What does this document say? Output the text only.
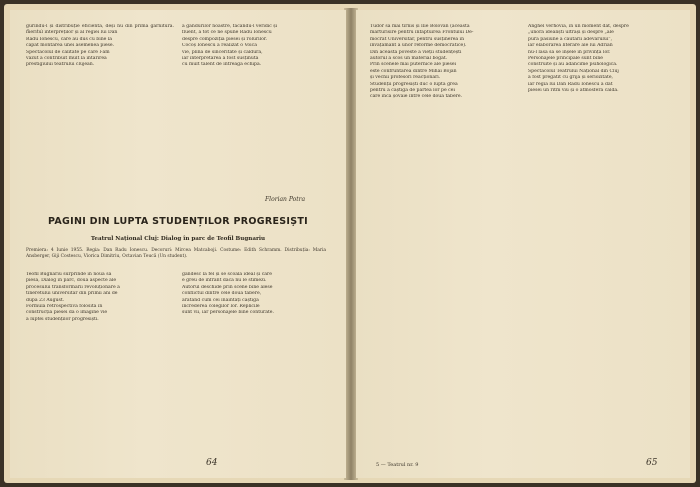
gurindu-l și distribuție eficientă, deși nu din prima garnitură.
meritul interpreților și al regiei lui Dan
Radu Ionescu, care au dus cu bine la
capăt montarea unei asemenea piese.
Spectacolul de calitate pe care l-am
văzut a contribuit mult la întărirea
prestigiului teatrului clujean.
a gândurilor noastre, făcându-l veridic și
fluent, a tot ce ne spune Radu Ionescu
despre compoziția piesei și rolurilor.
Cocoș Ionescu a realizat o Voică
vie, plină de sinceritate și căldură,
iar interpretarea a fost susținută
cu mult talent de întreaga echipă.
Florian Potra
PAGINI DIN LUPTA STUDENȚILOR PROGRESIȘTI
Teatrul Național Cluj: Dialog în parc de Teofil Bugnariu
Premiera: 4 Iunie 1955. Regia: Dan Radu Ionescu. Decoruri: Mircea Matcaboji. Costume: Edith Schramm. Distribuția: Maria Ansberger, Giji Costescu, Viorica Dimitriu, Octavian Teucă (Un student).
Teofil Bugnariu surprinde în noua sa
piesă, Dialog în parc, două aspecte ale
procesului transformării revoluționare a
tineretului universitar din primii ani de
după 23 August.
Formula retrospectivă folosită în
construcția piesei dă o imagine vie
a luptei studenților progresiști.
gândesc la fel și se scoală ideal și care
e greu de înfrânt dacă nu le stimezi.
Autorul deschide prin scene bine alese
conflictul dintre cele două tabere,
arătând cum cei înaintați câștigă
încrederea colegilor lor. Replicile
sunt vii, iar personajele bine conturate.
64
Tudor să mai tirnis și Ilie Bolovan (această
mărturisire pentru înfăptuirea Frontului De-
mocrat Universitar, pentru susținerea în
învățământ a unor reforme democratice).
Din această poveste a vieții studențești
autorul a scos un material bogat.
Prin scenele mai puternice ale piesei
este confruntarea dintre Mihai Bojan
și vechii profesori reacționari.
Studenții progresiști duc o luptă grea
pentru a câștiga de partea lor pe cei
care încă șovăie între cele două tabere.
Anghel verhovia, în un moment dat, despre
„unora idealiști ultrași și despre „ale
pura pasiune a căutării adevărului”,
iar elaborarea literare ale lui Adrian
nu-l lasă să se înșele în privința lor.
Personajele principale sunt bine
construite și au adâncime psihologică.
Spectacolul Teatrului Național din Cluj
a fost pregătit cu grijă și seriozitate,
iar regia lui Dan Radu Ionescu a dat
piesei un ritm viu și o atmosferă caldă.
5 — Teatrul nr. 9	65
